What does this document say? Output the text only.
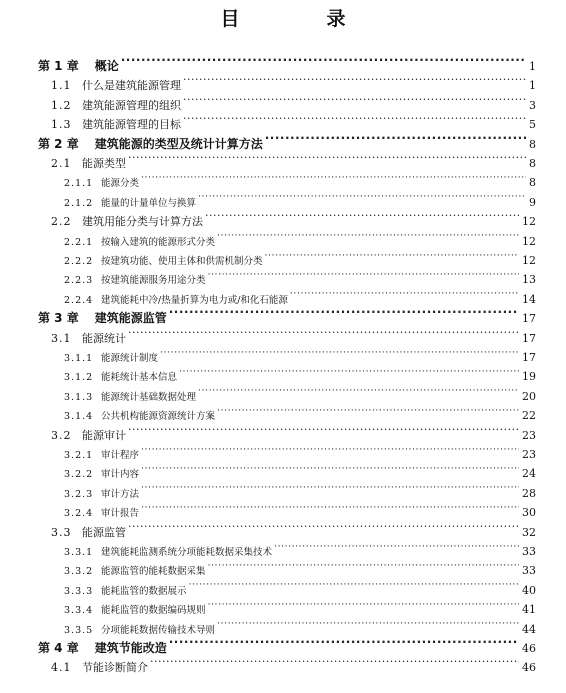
目　录
第 1 章 概论 ·····	1
1.1 什么是建筑能源管理 ·····	1
1.2 建筑能源管理的组织 ·····	3
1.3 建筑能源管理的目标 ·····	5
第 2 章 建筑能源的类型及统计计算方法 ·····	8
2.1 能源类型 ·····	8
2.1.1 能源分类 ·····	8
2.1.2 能量的计量单位与换算 ·····	9
2.2 建筑用能分类与计算方法 ·····	12
2.2.1 按输入建筑的能源形式分类 ·····	12
2.2.2 按建筑功能、使用主体和供需机制分类 ·····	12
2.2.3 按建筑能源服务用途分类 ·····	13
2.2.4 建筑能耗中冷/热量折算为电力或/和化石能源 ·····	14
第 3 章 建筑能源监管 ·····	17
3.1 能源统计 ·····	17
3.1.1 能源统计制度 ·····	17
3.1.2 能耗统计基本信息 ·····	19
3.1.3 能源统计基础数据处理 ·····	20
3.1.4 公共机构能源资源统计方案 ·····	22
3.2 能源审计 ·····	23
3.2.1 审计程序 ·····	23
3.2.2 审计内容 ·····	24
3.2.3 审计方法 ·····	28
3.2.4 审计报告 ·····	30
3.3 能源监管 ·····	32
3.3.1 建筑能耗监测系统分项能耗数据采集技术 ·····	33
3.3.2 能源监管的能耗数据采集 ·····	33
3.3.3 能耗监管的数据展示 ·····	40
3.3.4 能耗监管的数据编码规则 ·····	41
3.3.5 分项能耗数据传输技术导则 ·····	44
第 4 章 建筑节能改造 ·····	46
4.1 节能诊断简介 ·····	46
